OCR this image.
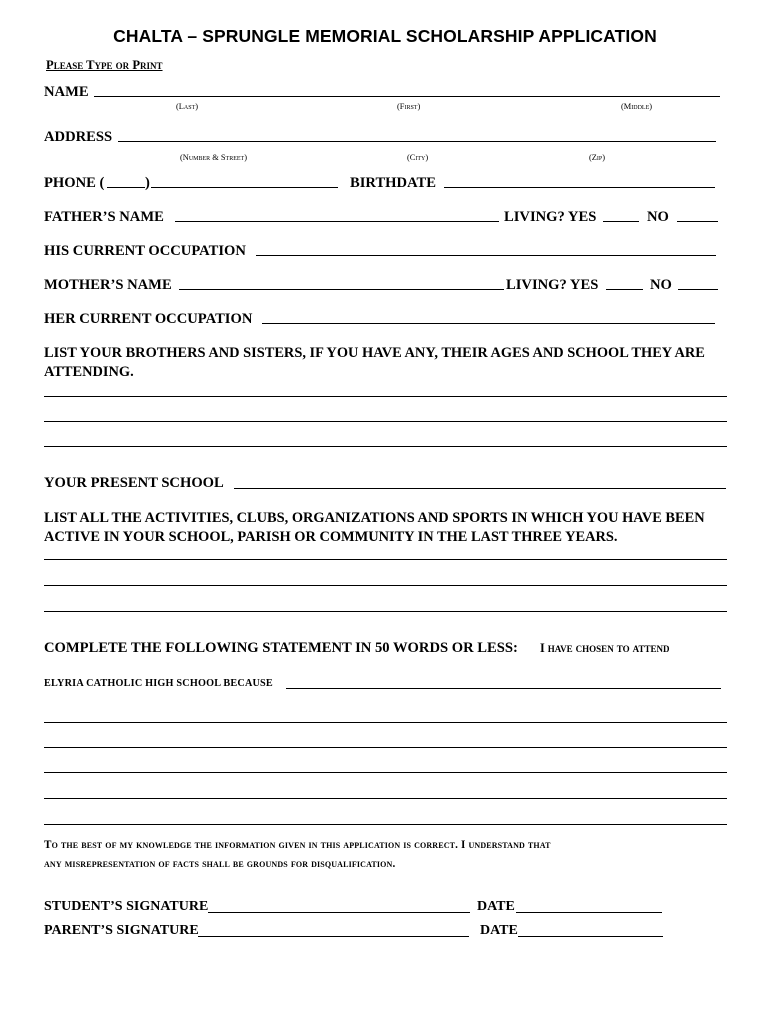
CHALTA – SPRUNGLE MEMORIAL SCHOLARSHIP APPLICATION
Please Type or Print
NAME
(Last)	(First)	(Middle)
ADDRESS
(Number & Street)	(City)	(Zip)
PHONE (	)	BIRTHDATE
FATHER’S NAME	LIVING? YES	NO
HIS CURRENT OCCUPATION
MOTHER’S NAME	LIVING? YES	NO
HER CURRENT OCCUPATION
LIST YOUR BROTHERS AND SISTERS, IF YOU HAVE ANY, THEIR AGES AND SCHOOL THEY ARE ATTENDING.
YOUR PRESENT SCHOOL
LIST ALL THE ACTIVITIES, CLUBS, ORGANIZATIONS AND SPORTS IN WHICH YOU HAVE BEEN ACTIVE IN YOUR SCHOOL, PARISH OR COMMUNITY IN THE LAST THREE YEARS.
COMPLETE THE FOLLOWING STATEMENT IN 50 WORDS OR LESS: I have chosen to attend
ELYRIA CATHOLIC HIGH SCHOOL BECAUSE
To the best of my knowledge the information given in this application is correct. I understand that
any misrepresentation of facts shall be grounds for disqualification.
STUDENT’S SIGNATURE	DATE
PARENT’S SIGNATURE	DATE
